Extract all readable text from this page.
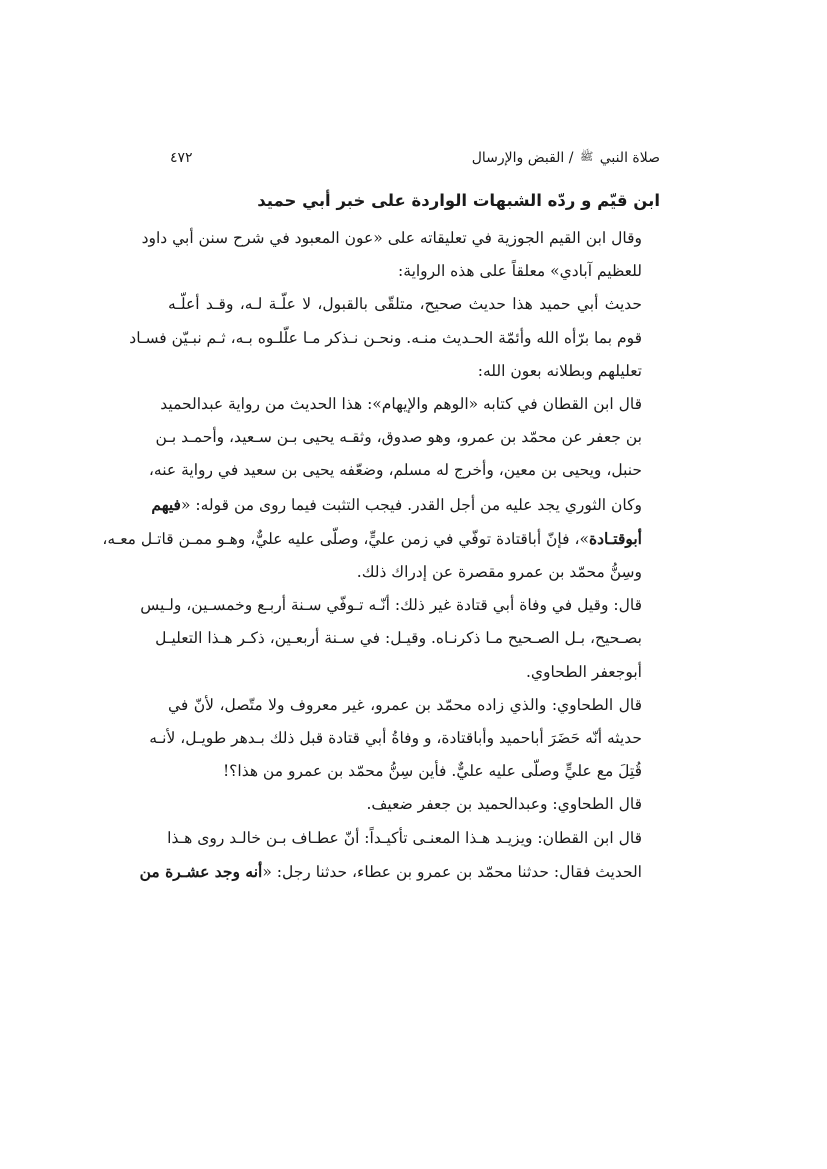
صلاة النبي ﷺ / القبض والإرسال
٤٧٢
ابن قيّم و ردّه الشبهات الواردة على خبر أبي حميد

وقال ابن القيم الجوزية في تعليقاته على «عون المعبود في شرح سنن أبي داود
للعظيم آبادي» معلقاً على هذه الرواية:

حديث أبي حميد هذا حديث صحيح، متلقّى بالقبول، لا علّـة لـه، وقـد أعلّـه
قوم بما برّأه الله وأئمّة الحـديث منـه. ونحـن نـذكر مـا علّلـوه بـه، ثـم نبـيّن فسـاد
تعليلهم وبطلانه بعون الله:

قال ابن القطان في كتابه «الوهم والإيهام»: هذا الحديث من رواية عبدالحميد
بن جعفر عن محمّد بن عمرو، وهو صدوق، وثقـه يحيى بـن سـعيد، وأحمـد بـن
حنبل، ويحيى بن معين، وأخرج له مسلم، وضعّفه يحيى بن سعيد في رواية عنه،
وكان الثوري يجد عليه من أجل القدر. فيجب التثبت فيما روى من قوله: «فيهم
أبوقتـادة»، فإنّ أباقتادة توفّي في زمن عليٍّ، وصلّى عليه عليٌّ، وهـو ممـن قاتـل معـه،
وسِنُّ محمّد بن عمرو مقصرة عن إدراك ذلك.

قال: وقيل في وفاة أبي قتادة غير ذلك: أنّـه تـوفّي سـنة أربـع وخمسـين، ولـيس
بصـحيح، بـل الصـحيح مـا ذكرنـاه. وقيـل: في سـنة أربعـين، ذكـر هـذا التعليـل
أبوجعفر الطحاوي.

قال الطحاوي: والذي زاده محمّد بن عمرو، غير معروف ولا متّصل، لأنّ في
حديثه أنّه حَضَرَ أباحميد وأباقتادة، و وفاةُ أبي قتادة قبل ذلك بـدهر طويـل، لأنـه
قُتِلَ مع عليٍّ وصلّى عليه عليٌّ. فأين سِنُّ محمّد بن عمرو من هذا؟!

قال الطحاوي: وعبدالحميد بن جعفر ضعيف.

قال ابن القطان: ويزيـد هـذا المعنـى تأكيـداً: أنّ عطـاف بـن خالـد روى هـذا
الحديث فقال: حدثنا محمّد بن عمرو بن عطاء، حدثنا رجل: «أنه وجد عشـرة من
